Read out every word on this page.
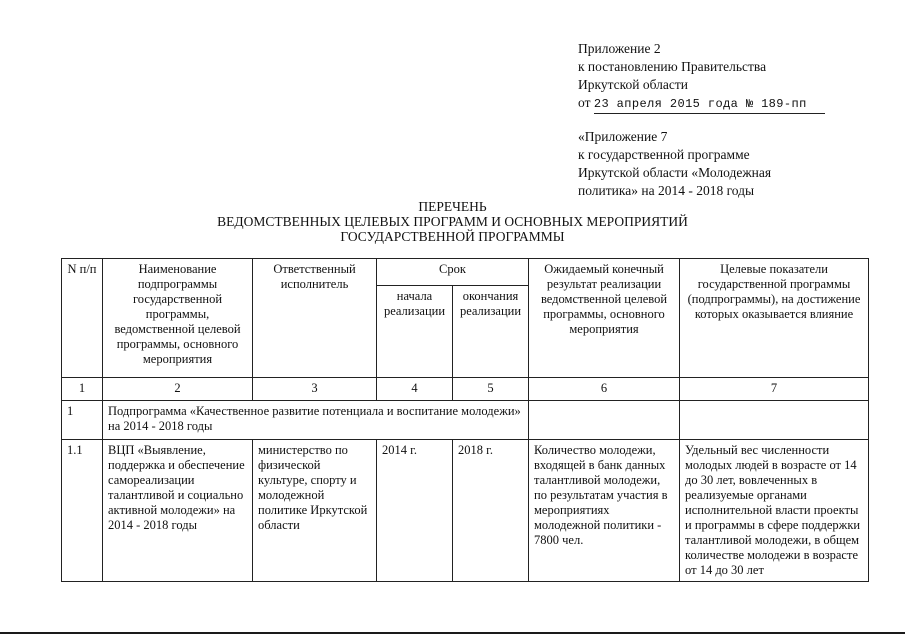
Приложение 2
к постановлению Правительства
Иркутской области
от 23 апреля 2015 года № 189-пп
«Приложение 7
к государственной программе
Иркутской области «Молодежная
политика» на 2014 - 2018 годы
ПЕРЕЧЕНЬ
ВЕДОМСТВЕННЫХ ЦЕЛЕВЫХ ПРОГРАММ И ОСНОВНЫХ МЕРОПРИЯТИЙ
ГОСУДАРСТВЕННОЙ ПРОГРАММЫ
N п/п	Наименование подпрограммы государственной программы, ведомственной целевой программы, основного мероприятия	Ответственный исполнитель	Срок		Ожидаемый конечный результат реализации ведомственной целевой программы, основного мероприятия	Целевые показатели государственной программы (подпрограммы), на достижение которых оказывается влияние
			начала реализации	окончания реализации		
1	2	3	4	5	6	7
1	Подпрограмма «Качественное развитие потенциала и воспитание молодежи» на 2014 - 2018 годы					
1.1	ВЦП «Выявление, поддержка и обеспечение самореализации талантливой и социально активной молодежи» на 2014 - 2018 годы	министерство по физической культуре, спорту и молодежной политике Иркутской области	2014 г.	2018 г.	Количество молодежи, входящей в банк данных талантливой молодежи, по результатам участия в мероприятиях молодежной политики - 7800 чел.	Удельный вес численности молодых людей в возрасте от 14 до 30 лет, вовлеченных в реализуемые органами исполнительной власти проекты и программы в сфере поддержки талантливой молодежи, в общем количестве молодежи в возрасте от 14 до 30 лет
